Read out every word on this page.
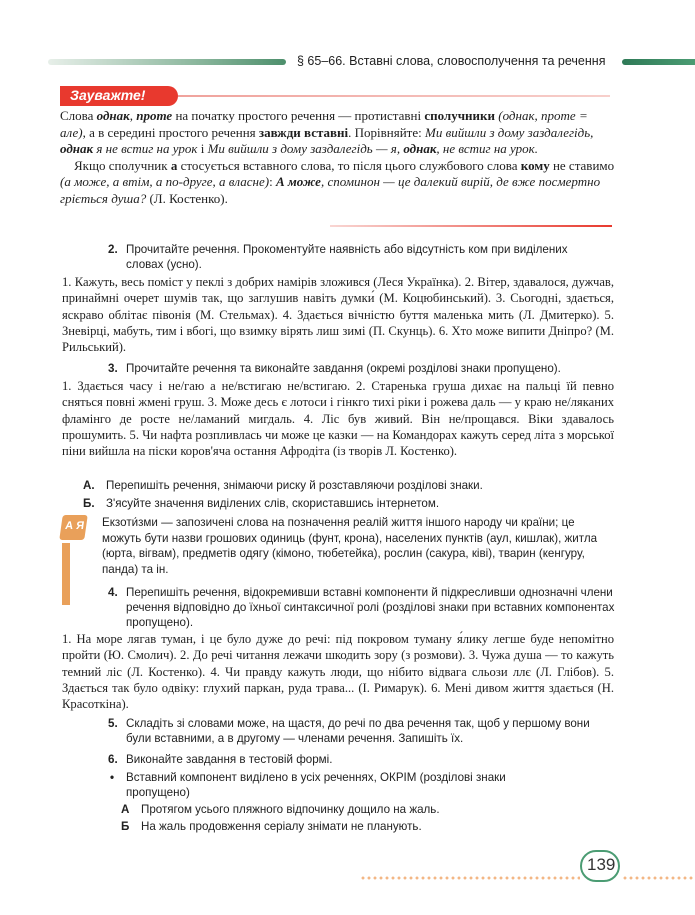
§ 65–66. Вставні слова, словосполучення та речення
Зауважте!
Слова однак, проте на початку простого речення — протиставні сполучники (однак, проте = але), а в середині простого речення завжди вставні. Порівняйте: Ми вийшли з дому заздалегідь, однак я не встиг на урок і Ми вийшли з дому заздалегідь — я, однак, не встиг на урок.
Якщо сполучник а стосується вставного слова, то після цього службового слова кому не ставимо (а може, а втім, а по-друге, а власне): А може, споминон — це далекий вирій, де вже посмертно гріється душа? (Л. Костенко).
2. Прочитайте речення. Прокоментуйте наявність або відсутність ком при виділених словах (усно).
1. Кажуть, весь поміст у пеклі з добрих намірів зложився (Леся Українка). 2. Вітер, здавалося, дужчав, принаймні очерет шумів так, що заглушив навіть думки́ (М. Коцюбинський). 3. Сьогодні, здається, яскраво облітає півонія (М. Стельмах). 4. Здається вічністю буття маленька мить (Л. Дмитерко). 5. Зневірці, мабуть, тим і вбогі, що взимку вірять лиш зимі (П. Скунць). 6. Хто може випити Дніпро? (М. Рильський).
3. Прочитайте речення та виконайте завдання (окремі розділові знаки пропущено).
1. Здається часу і не/гаю а не/встигаю не/встигаю. 2. Старенька груша дихає на пальці їй певно сняться повні жмені груш. 3. Може десь є лотоси і гінкго тихі ріки і рожева даль — у краю не/ляканих фламінго де росте не/ламаний мигдаль. 4. Ліс був живий. Він не/прощався. Віки здавалось прошумить. 5. Чи нафта розпливлась чи може це казки — на Командорах кажуть серед літа з морської піни вийшла на піски коров'яча остання Афродіта (із творів Л. Костенко).
А. Перепишіть речення, знімаючи риску й розставляючи розділові знаки.
Б. З'ясуйте значення виділених слів, скориставшись інтернетом.
А Я Екзоти́зми — запозичені слова на позначення реалій життя іншого народу чи країни; це можуть бути назви грошових одиниць (фунт, крона), населених пунктів (аул, кишлак), житла (юрта, вігвам), предметів одягу (кімоно, тюбетейка), рослин (сакура, ківі), тварин (кенгуру, панда) та ін.
4. Перепишіть речення, відокремивши вставні компоненти й підкресливши однозначні члени речення відповідно до їхньої синтаксичної ролі (розділові знаки при вставних компонентах пропущено).
1. На море лягав туман, і це було дуже до речі: під покровом туману я́лику легше буде непомітно пройти (Ю. Смолич). 2. До речі читання лежачи шкодить зору (з розмови). 3. Чужа душа — то кажуть темний ліс (Л. Костенко). 4. Чи правду кажуть люди, що нібито відвага сльози ллє (Л. Глібов). 5. Здається так було одвіку: глухий паркан, руда трава... (І. Римарук). 6. Мені дивом життя здається (Н. Красоткіна).
5. Складіть зі словами може, на щастя, до речі по два речення так, щоб у першому вони були вставними, а в другому — членами речення. Запишіть їх.
6. Виконайте завдання в тестовій формі.
• Вставний компонент виділено в усіх реченнях, ОКРІМ (розділові знаки пропущено)
А Протягом усього пляжного відпочинку дощило на жаль.
Б На жаль продовження серіалу знімати не планують.
139
